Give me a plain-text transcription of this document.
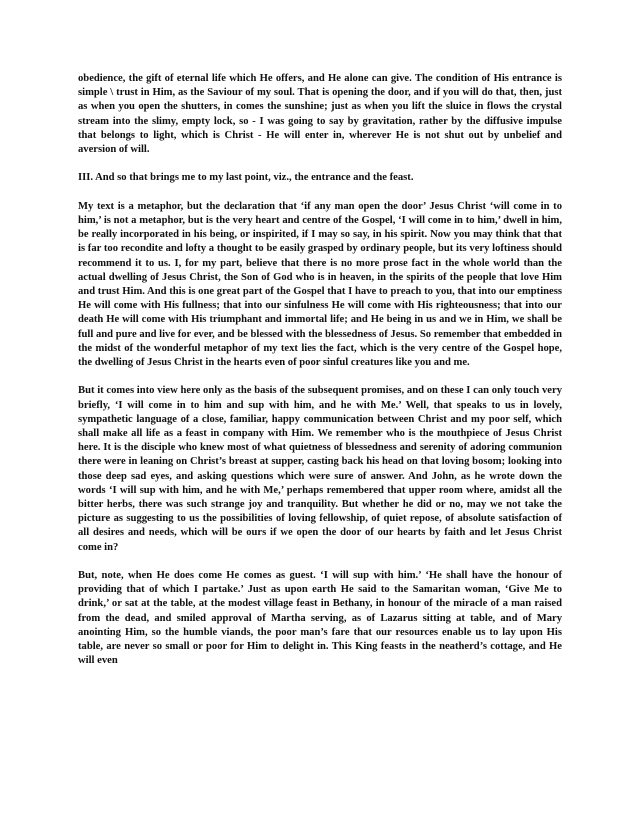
obedience, the gift of eternal life which He offers, and He alone can give. The condition of His entrance is simple \ trust in Him, as the Saviour of my soul. That is opening the door, and if you will do that, then, just as when you open the shutters, in comes the sunshine; just as when you lift the sluice in flows the crystal stream into the slimy, empty lock, so - I was going to say by gravitation, rather by the diffusive impulse that belongs to light, which is Christ - He will enter in, wherever He is not shut out by unbelief and aversion of will.

III. And so that brings me to my last point, viz., the entrance and the feast.

My text is a metaphor, but the declaration that ‘if any man open the door’ Jesus Christ ‘will come in to him,’ is not a metaphor, but is the very heart and centre of the Gospel, ‘I will come in to him,’ dwell in him, be really incorporated in his being, or inspirited, if I may so say, in his spirit. Now you may think that that is far too recondite and lofty a thought to be easily grasped by ordinary people, but its very loftiness should recommend it to us. I, for my part, believe that there is no more prose fact in the whole world than the actual dwelling of Jesus Christ, the Son of God who is in heaven, in the spirits of the people that love Him and trust Him. And this is one great part of the Gospel that I have to preach to you, that into our emptiness He will come with His fullness; that into our sinfulness He will come with His righteousness; that into our death He will come with His triumphant and immortal life; and He being in us and we in Him, we shall be full and pure and live for ever, and be blessed with the blessedness of Jesus. So remember that embedded in the midst of the wonderful metaphor of my text lies the fact, which is the very centre of the Gospel hope, the dwelling of Jesus Christ in the hearts even of poor sinful creatures like you and me.

But it comes into view here only as the basis of the subsequent promises, and on these I can only touch very briefly, ‘I will come in to him and sup with him, and he with Me.’ Well, that speaks to us in lovely, sympathetic language of a close, familiar, happy communication between Christ and my poor self, which shall make all life as a feast in company with Him. We remember who is the mouthpiece of Jesus Christ here. It is the disciple who knew most of what quietness of blessedness and serenity of adoring communion there were in leaning on Christ’s breast at supper, casting back his head on that loving bosom; looking into those deep sad eyes, and asking questions which were sure of answer. And John, as he wrote down the words ‘I will sup with him, and he with Me,’ perhaps remembered that upper room where, amidst all the bitter herbs, there was such strange joy and tranquility. But whether he did or no, may we not take the picture as suggesting to us the possibilities of loving fellowship, of quiet repose, of absolute satisfaction of all desires and needs, which will be ours if we open the door of our hearts by faith and let Jesus Christ come in?

But, note, when He does come He comes as guest. ‘I will sup with him.’ ‘He shall have the honour of providing that of which I partake.’ Just as upon earth He said to the Samaritan woman, ‘Give Me to drink,’ or sat at the table, at the modest village feast in Bethany, in honour of the miracle of a man raised from the dead, and smiled approval of Martha serving, as of Lazarus sitting at table, and of Mary anointing Him, so the humble viands, the poor man’s fare that our resources enable us to lay upon His table, are never so small or poor for Him to delight in. This King feasts in the neatherd’s cottage, and He will even
